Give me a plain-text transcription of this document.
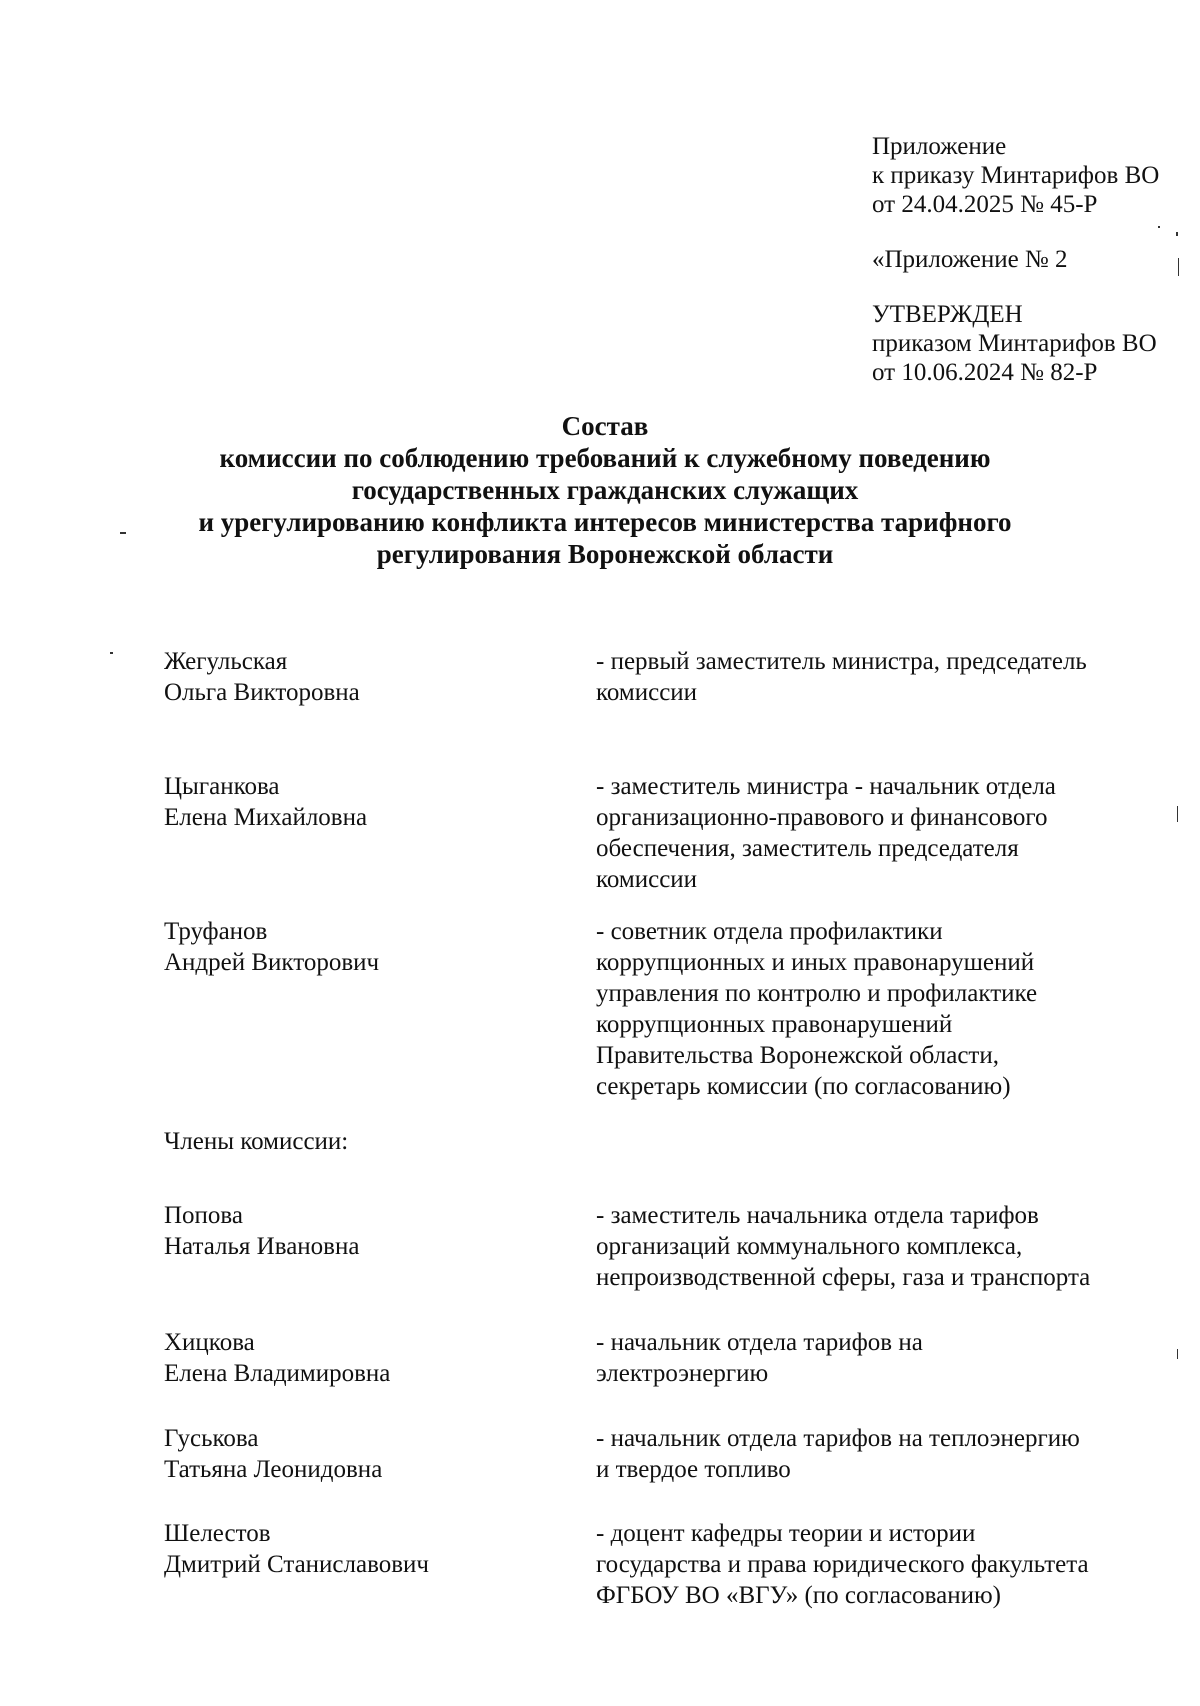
Приложение
к приказу Минтарифов ВО
от 24.04.2025 № 45-Р
«Приложение № 2
УТВЕРЖДЕН
приказом Минтарифов ВО
от 10.06.2024 № 82-Р
Состав
комиссии по соблюдению требований к служебному поведению
государственных гражданских служащих
и урегулированию конфликта интересов министерства тарифного
регулирования Воронежской области
Жегульская
Ольга Викторовна
- первый заместитель министра, председатель
комиссии
Цыганкова
Елена Михайловна
- заместитель министра - начальник отдела
организационно-правового и финансового
обеспечения, заместитель председателя
комиссии
Труфанов
Андрей Викторович
- советник отдела профилактики
коррупционных и иных правонарушений
управления по контролю и профилактике
коррупционных правонарушений
Правительства Воронежской области,
секретарь комиссии (по согласованию)
Члены комиссии:
Попова
Наталья Ивановна
- заместитель начальника отдела тарифов
организаций коммунального комплекса,
непроизводственной сферы, газа и транспорта
Хицкова
Елена Владимировна
- начальник отдела тарифов на
электроэнергию
Гуськова
Татьяна Леонидовна
- начальник отдела тарифов на теплоэнергию
и твердое топливо
Шелестов
Дмитрий Станиславович
- доцент кафедры теории и истории
государства и права юридического факультета
ФГБОУ ВО «ВГУ» (по согласованию)
